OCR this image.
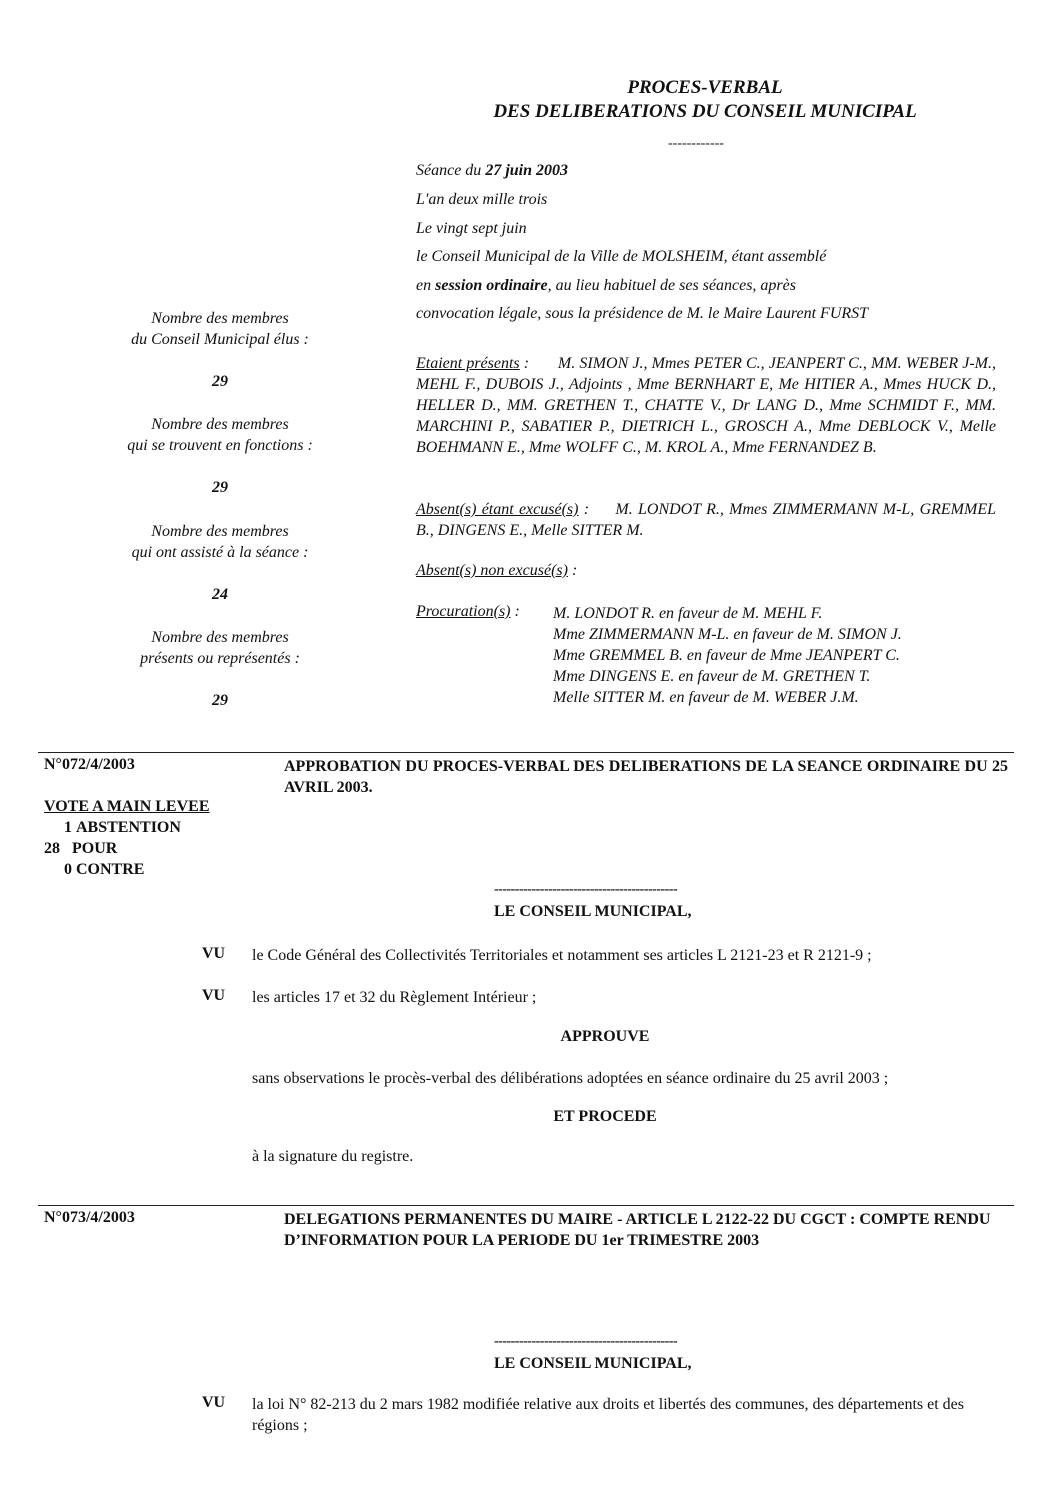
PROCES-VERBAL
DES DELIBERATIONS DU CONSEIL MUNICIPAL
------------
Séance du 27 juin 2003
L'an deux mille trois
Le vingt sept juin
le Conseil Municipal de la Ville de MOLSHEIM, étant assemblé
en session ordinaire, au lieu habituel de ses séances, après
convocation légale, sous la présidence de M. le Maire Laurent FURST
Nombre des membres
du Conseil Municipal élus :
29
Nombre des membres
qui se trouvent en fonctions :
29
Nombre des membres
qui ont assisté à la séance :
24
Nombre des membres
présents ou représentés :
29
Etaient présents : M. SIMON J., Mmes PETER C., JEANPERT C., MM. WEBER J-M., MEHL F., DUBOIS J., Adjoints , Mme BERNHART E, Me HITIER A., Mmes HUCK D., HELLER D., MM. GRETHEN T., CHATTE V., Dr LANG D., Mme SCHMIDT F., MM. MARCHINI P., SABATIER P., DIETRICH L., GROSCH A., Mme DEBLOCK V., Melle BOEHMANN E., Mme WOLFF C., M. KROL A., Mme FERNANDEZ B.
Absent(s) étant excusé(s) : M. LONDOT R., Mmes ZIMMERMANN M-L, GREMMEL B., DINGENS E., Melle SITTER M.
Absent(s) non excusé(s) :
Procuration(s) : M. LONDOT R. en faveur de M. MEHL F.
Mme ZIMMERMANN M-L. en faveur de M. SIMON J.
Mme GREMMEL B. en faveur de Mme JEANPERT C.
Mme DINGENS E. en faveur de M. GRETHEN T.
Melle SITTER M. en faveur de M. WEBER J.M.
N°072/4/2003	APPROBATION DU PROCES-VERBAL DES DELIBERATIONS DE LA SEANCE ORDINAIRE DU 25 AVRIL 2003.
VOTE A MAIN LEVEE
1 ABSTENTION
28 POUR
0 CONTRE
--------------------------------------------
LE CONSEIL MUNICIPAL,
VU le Code Général des Collectivités Territoriales et notamment ses articles L 2121-23 et R 2121-9 ;
VU les articles 17 et 32 du Règlement Intérieur ;
APPROUVE
sans observations le procès-verbal des délibérations adoptées en séance ordinaire du 25 avril 2003 ;
ET PROCEDE
à la signature du registre.
N°073/4/2003	DELEGATIONS PERMANENTES DU MAIRE - ARTICLE L 2122-22 DU CGCT : COMPTE RENDU D’INFORMATION POUR LA PERIODE DU 1er TRIMESTRE 2003
--------------------------------------------
LE CONSEIL MUNICIPAL,
VU la loi N° 82-213 du 2 mars 1982 modifiée relative aux droits et libertés des communes, des départements et des régions ;
